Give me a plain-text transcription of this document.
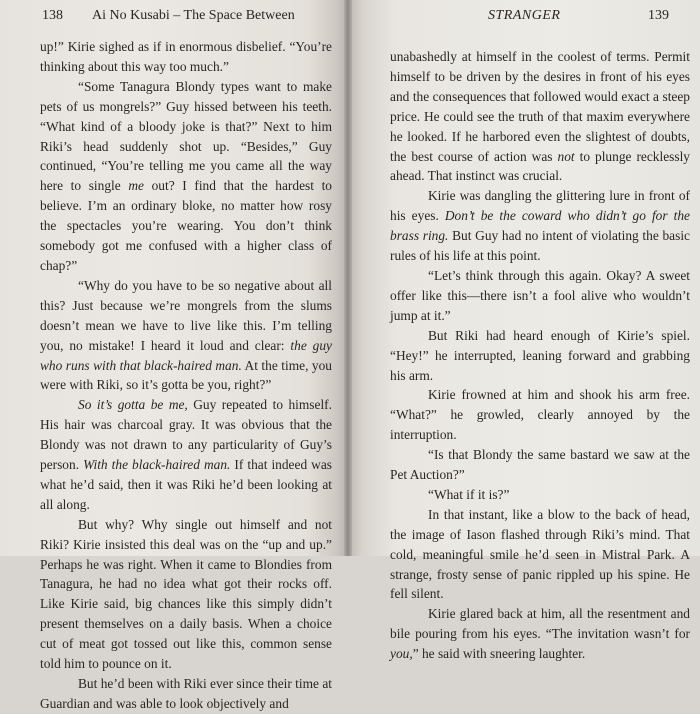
138 Ai No Kusabi – The Space Between

up!” Kirie sighed as if in enormous disbelief. “You’re thinking about this way too much.”

“Some Tanagura Blondy types want to make pets of us mongrels?” Guy hissed between his teeth. “What kind of a bloody joke is that?” Next to him Riki’s head suddenly shot up. “Besides,” Guy continued, “You’re telling me you came all the way here to single me out? I find that the hardest to believe. I’m an ordinary bloke, no matter how rosy the spectacles you’re wearing. You don’t think somebody got me confused with a higher class of chap?”

“Why do you have to be so negative about all this? Just because we’re mongrels from the slums doesn’t mean we have to live like this. I’m telling you, no mistake! I heard it loud and clear: the guy who runs with that black-haired man. At the time, you were with Riki, so it’s gotta be you, right?”

So it’s gotta be me, Guy repeated to himself. His hair was charcoal gray. It was obvious that the Blondy was not drawn to any particularity of Guy’s person. With the black-haired man. If that indeed was what he’d said, then it was Riki he’d been looking at all along.

But why? Why single out himself and not Riki? Kirie insisted this deal was on the “up and up.” Perhaps he was right. When it came to Blondies from Tanagura, he had no idea what got their rocks off. Like Kirie said, big chances like this simply didn’t present themselves on a daily basis. When a choice cut of meat got tossed out like this, common sense told him to pounce on it.

But he’d been with Riki ever since their time at Guardian and was able to look objectively and

STRANGER	139

unabashedly at himself in the coolest of terms. Permit himself to be driven by the desires in front of his eyes and the consequences that followed would exact a steep price. He could see the truth of that maxim everywhere he looked. If he harbored even the slightest of doubts, the best course of action was not to plunge recklessly ahead. That instinct was crucial.

Kirie was dangling the glittering lure in front of his eyes. Don’t be the coward who didn’t go for the brass ring. But Guy had no intent of violating the basic rules of his life at this point.

“Let’s think through this again. Okay? A sweet offer like this—there isn’t a fool alive who wouldn’t jump at it.”

But Riki had heard enough of Kirie’s spiel. “Hey!” he interrupted, leaning forward and grabbing his arm.

Kirie frowned at him and shook his arm free. “What?” he growled, clearly annoyed by the interruption.

“Is that Blondy the same bastard we saw at the Pet Auction?”

“What if it is?”

In that instant, like a blow to the back of head, the image of Iason flashed through Riki’s mind. That cold, meaningful smile he’d seen in Mistral Park. A strange, frosty sense of panic rippled up his spine. He fell silent.

Kirie glared back at him, all the resentment and bile pouring from his eyes. “The invitation wasn’t for you,” he said with sneering laughter.
